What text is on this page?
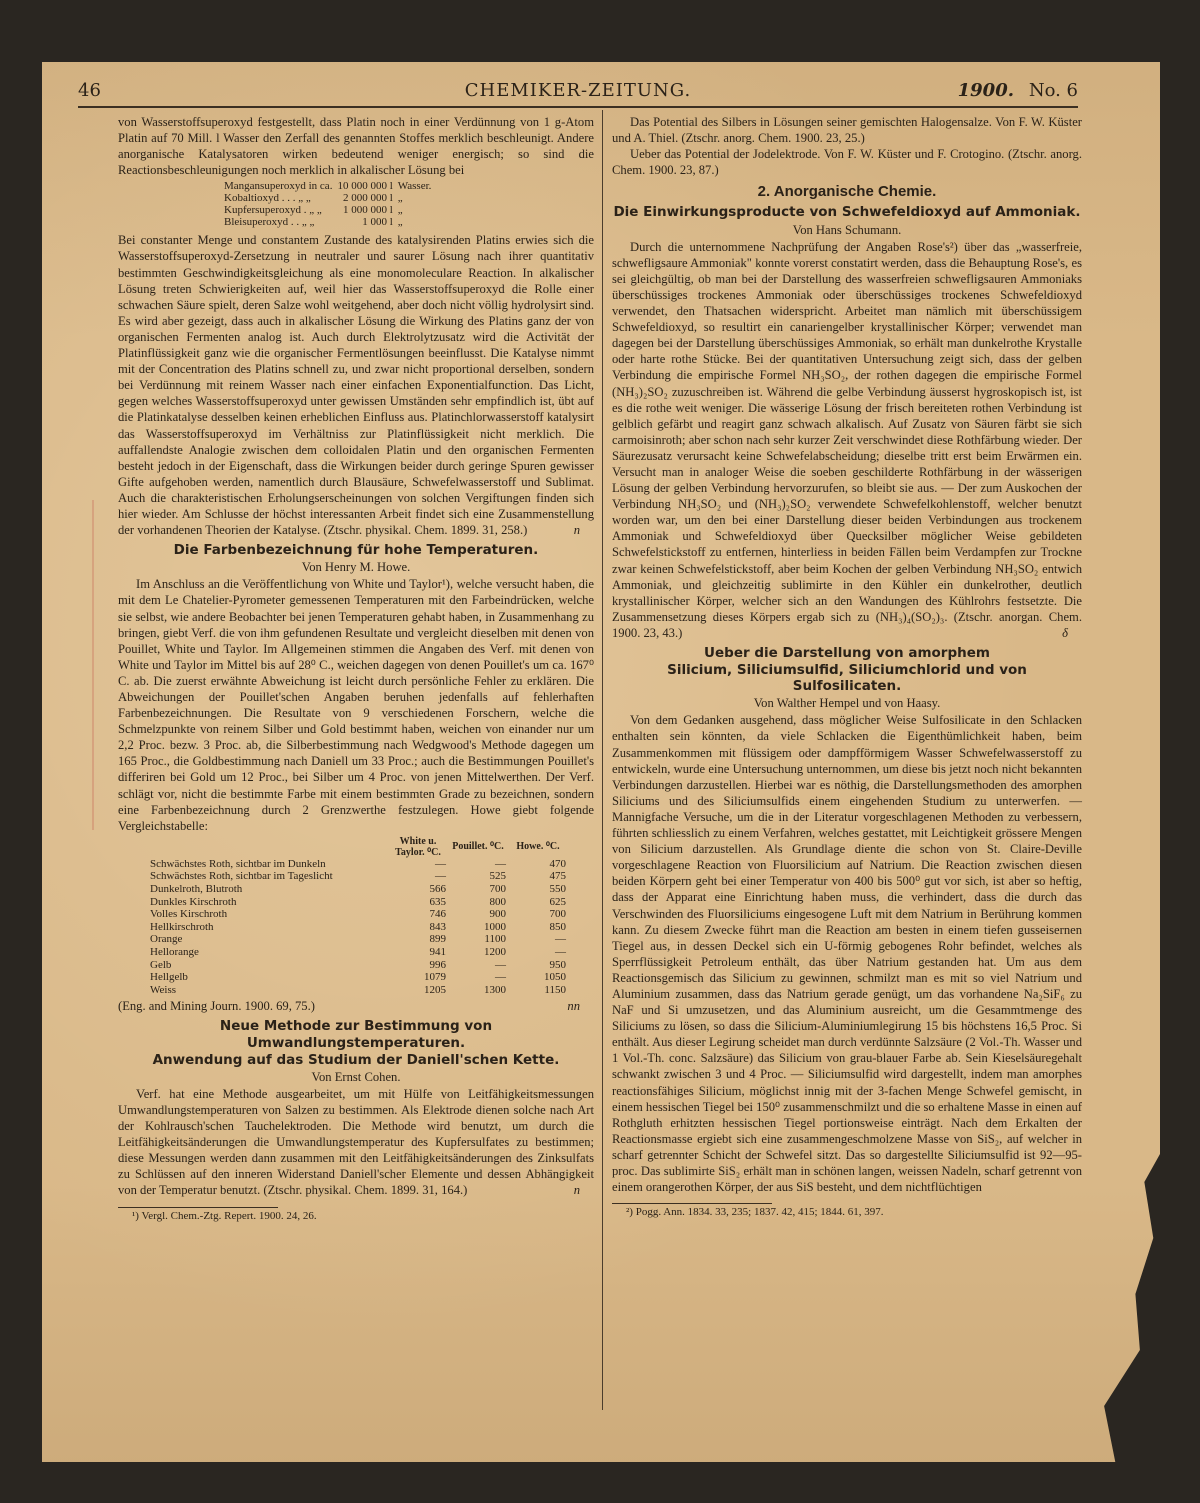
46	CHEMIKER-ZEITUNG.	1900. No. 6

von Wasserstoffsuperoxyd festgestellt, dass Platin noch in einer Verdünnung von 1 g-Atom Platin auf 70 Mill. l Wasser den Zerfall des genannten Stoffes merklich beschleunigt. Andere anorganische Katalysatoren wirken bedeutend weniger energisch; so sind die Reactionsbeschleunigungen noch merklich in alkalischer Lösung bei

Mangansuperoxyd in ca.	10 000 000 l	Wasser.
Kobaltioxyd . . . „ „	2 000 000 l	„
Kupfersuperoxyd . „ „	1 000 000 l	„
Bleisuperoxyd . . „ „	1 000 l	„

Bei constanter Menge und constantem Zustande des katalysirenden Platins erwies sich die Wasserstoffsuperoxyd-Zersetzung in neutraler und saurer Lösung nach ihrer quantitativ bestimmten Geschwindigkeitsgleichung als eine monomoleculare Reaction. In alkalischer Lösung treten Schwierigkeiten auf, weil hier das Wasserstoffsuperoxyd die Rolle einer schwachen Säure spielt, deren Salze wohl weitgehend, aber doch nicht völlig hydrolysirt sind. Es wird aber gezeigt, dass auch in alkalischer Lösung die Wirkung des Platins ganz der von organischen Fermenten analog ist. Auch durch Elektrolytzusatz wird die Activität der Platinflüssigkeit ganz wie die organischer Fermentlösungen beeinflusst. Die Katalyse nimmt mit der Concentration des Platins schnell zu, und zwar nicht proportional derselben, sondern bei Verdünnung mit reinem Wasser nach einer einfachen Exponentialfunction. Das Licht, gegen welches Wasserstoffsuperoxyd unter gewissen Umständen sehr empfindlich ist, übt auf die Platinkatalyse desselben keinen erheblichen Einfluss aus. Platinchlorwasserstoff katalysirt das Wasserstoffsuperoxyd im Verhältniss zur Platinflüssigkeit nicht merklich. Die auffallendste Analogie zwischen dem colloidalen Platin und den organischen Fermenten besteht jedoch in der Eigenschaft, dass die Wirkungen beider durch geringe Spuren gewisser Gifte aufgehoben werden, namentlich durch Blausäure, Schwefelwasserstoff und Sublimat. Auch die charakteristischen Erholungserscheinungen von solchen Vergiftungen finden sich hier wieder. Am Schlusse der höchst interessanten Arbeit findet sich eine Zusammenstellung der vorhandenen Theorien der Katalyse. (Ztschr. physikal. Chem. 1899. 31, 258.)	n

Die Farbenbezeichnung für hohe Temperaturen.
Von Henry M. Howe.

Im Anschluss an die Veröffentlichung von White und Taylor¹), welche versucht haben, die mit dem Le Chatelier-Pyrometer gemessenen Temperaturen mit den Farbeindrücken, welche sie selbst, wie andere Beobachter bei jenen Temperaturen gehabt haben, in Zusammenhang zu bringen, giebt Verf. die von ihm gefundenen Resultate und vergleicht dieselben mit denen von Pouillet, White und Taylor. Im Allgemeinen stimmen die Angaben des Verf. mit denen von White und Taylor im Mittel bis auf 28⁰ C., weichen dagegen von denen Pouillet's um ca. 167⁰ C. ab. Die zuerst erwähnte Abweichung ist leicht durch persönliche Fehler zu erklären. Die Abweichungen der Pouillet'schen Angaben beruhen jedenfalls auf fehlerhaften Farbenbezeichnungen. Die Resultate von 9 verschiedenen Forschern, welche die Schmelzpunkte von reinem Silber und Gold bestimmt haben, weichen von einander nur um 2,2 Proc. bezw. 3 Proc. ab, die Silberbestimmung nach Wedgwood's Methode dagegen um 165 Proc., die Goldbestimmung nach Daniell um 33 Proc.; auch die Bestimmungen Pouillet's differiren bei Gold um 12 Proc., bei Silber um 4 Proc. von jenen Mittelwerthen. Der Verf. schlägt vor, nicht die bestimmte Farbe mit einem bestimmten Grade zu bezeichnen, sondern eine Farbenbezeichnung durch 2 Grenzwerthe festzulegen. Howe giebt folgende Vergleichstabelle:

	White u. Taylor. ⁰C.	Pouillet. ⁰C.	Howe. ⁰C.
Schwächstes Roth, sichtbar im Dunkeln	—	—	470
Schwächstes Roth, sichtbar im Tageslicht	—	525	475
Dunkelroth, Blutroth	566	700	550
Dunkles Kirschroth	635	800	625
Volles Kirschroth	746	900	700
Hellkirschroth	843	1000	850
Orange	899	1100	—
Hellorange	941	1200	—
Gelb	996	—	950
Hellgelb	1079	—	1050
Weiss	1205	1300	1150

(Eng. and Mining Journ. 1900. 69, 75.)	nn

Neue Methode zur Bestimmung von Umwandlungstemperaturen.
Anwendung auf das Studium der Daniell'schen Kette.
Von Ernst Cohen.

Verf. hat eine Methode ausgearbeitet, um mit Hülfe von Leitfähigkeitsmessungen Umwandlungstemperaturen von Salzen zu bestimmen. Als Elektrode dienen solche nach Art der Kohlrausch'schen Tauchelektroden. Die Methode wird benutzt, um durch die Leitfähigkeitsänderungen die Umwandlungstemperatur des Kupfersulfates zu bestimmen; diese Messungen werden dann zusammen mit den Leitfähigkeitsänderungen des Zinksulfats zu Schlüssen auf den inneren Widerstand Daniell'scher Elemente und dessen Abhängigkeit von der Temperatur benutzt. (Ztschr. physikal. Chem. 1899. 31, 164.)	n

¹) Vergl. Chem.-Ztg. Repert. 1900. 24, 26.

Das Potential des Silbers in Lösungen seiner gemischten Halogensalze. Von F. W. Küster und A. Thiel. (Ztschr. anorg. Chem. 1900. 23, 25.)

Ueber das Potential der Jodelektrode. Von F. W. Küster und F. Crotogino. (Ztschr. anorg. Chem. 1900. 23, 87.)

2. Anorganische Chemie.
Die Einwirkungsproducte von Schwefeldioxyd auf Ammoniak.
Von Hans Schumann.

Durch die unternommene Nachprüfung der Angaben Rose's²) über das „wasserfreie, schwefligsaure Ammoniak" konnte vorerst constatirt werden, dass die Behauptung Rose's, es sei gleichgültig, ob man bei der Darstellung des wasserfreien schwefligsauren Ammoniaks überschüssiges trockenes Ammoniak oder überschüssiges trockenes Schwefeldioxyd verwendet, den Thatsachen widerspricht. Arbeitet man nämlich mit überschüssigem Schwefeldioxyd, so resultirt ein canariengelber krystallinischer Körper; verwendet man dagegen bei der Darstellung überschüssiges Ammoniak, so erhält man dunkelrothe Krystalle oder harte rothe Stücke. Bei der quantitativen Untersuchung zeigt sich, dass der gelben Verbindung die empirische Formel NH₃SO₂, der rothen dagegen die empirische Formel (NH₃)₂SO₂ zuzuschreiben ist. Während die gelbe Verbindung äusserst hygroskopisch ist, ist es die rothe weit weniger. Die wässerige Lösung der frisch bereiteten rothen Verbindung ist gelblich gefärbt und reagirt ganz schwach alkalisch. Auf Zusatz von Säuren färbt sie sich carmoisinroth; aber schon nach sehr kurzer Zeit verschwindet diese Rothfärbung wieder. Der Säurezusatz verursacht keine Schwefelabscheidung; dieselbe tritt erst beim Erwärmen ein. Versucht man in analoger Weise die soeben geschilderte Rothfärbung in der wässerigen Lösung der gelben Verbindung hervorzurufen, so bleibt sie aus. — Der zum Auskochen der Verbindung NH₃SO₂ und (NH₃)₂SO₂ verwendete Schwefelkohlenstoff, welcher benutzt worden war, um den bei einer Darstellung dieser beiden Verbindungen aus trockenem Ammoniak und Schwefeldioxyd über Quecksilber möglicher Weise gebildeten Schwefelstickstoff zu entfernen, hinterliess in beiden Fällen beim Verdampfen zur Trockne zwar keinen Schwefelstickstoff, aber beim Kochen der gelben Verbindung NH₃SO₂ entwich Ammoniak, und gleichzeitig sublimirte in den Kühler ein dunkelrother, deutlich krystallinischer Körper, welcher sich an den Wandungen des Kühlrohrs festsetzte. Die Zusammensetzung dieses Körpers ergab sich zu (NH₃)₄(SO₂)₃. (Ztschr. anorgan. Chem. 1900. 23, 43.)	δ

Ueber die Darstellung von amorphem
Silicium, Siliciumsulfid, Siliciumchlorid und von Sulfosilicaten.
Von Walther Hempel und von Haasy.

Von dem Gedanken ausgehend, dass möglicher Weise Sulfosilicate in den Schlacken enthalten sein könnten, da viele Schlacken die Eigenthümlichkeit haben, beim Zusammenkommen mit flüssigem oder dampfförmigem Wasser Schwefelwasserstoff zu entwickeln, wurde eine Untersuchung unternommen, um diese bis jetzt noch nicht bekannten Verbindungen darzustellen. Hierbei war es nöthig, die Darstellungsmethoden des amorphen Siliciums und des Siliciumsulfids einem eingehenden Studium zu unterwerfen. — Mannigfache Versuche, um die in der Literatur vorgeschlagenen Methoden zu verbessern, führten schliesslich zu einem Verfahren, welches gestattet, mit Leichtigkeit grössere Mengen von Silicium darzustellen. Als Grundlage diente die schon von St. Claire-Deville vorgeschlagene Reaction von Fluorsilicium auf Natrium. Die Reaction zwischen diesen beiden Körpern geht bei einer Temperatur von 400 bis 500⁰ gut vor sich, ist aber so heftig, dass der Apparat eine Einrichtung haben muss, die verhindert, dass die durch das Verschwinden des Fluorsiliciums eingesogene Luft mit dem Natrium in Berührung kommen kann. Zu diesem Zwecke führt man die Reaction am besten in einem tiefen gusseisernen Tiegel aus, in dessen Deckel sich ein U-förmig gebogenes Rohr befindet, welches als Sperrflüssigkeit Petroleum enthält, das über Natrium gestanden hat. Um aus dem Reactionsgemisch das Silicium zu gewinnen, schmilzt man es mit so viel Natrium und Aluminium zusammen, dass das Natrium gerade genügt, um das vorhandene Na₂SiF₆ zu NaF und Si umzusetzen, und das Aluminium ausreicht, um die Gesammtmenge des Siliciums zu lösen, so dass die Silicium-Aluminiumlegirung 15 bis höchstens 16,5 Proc. Si enthält. Aus dieser Legirung scheidet man durch verdünnte Salzsäure (2 Vol.-Th. Wasser und 1 Vol.-Th. conc. Salzsäure) das Silicium von grau-blauer Farbe ab. Sein Kieselsäuregehalt schwankt zwischen 3 und 4 Proc. — Siliciumsulfid wird dargestellt, indem man amorphes reactionsfähiges Silicium, möglichst innig mit der 3-fachen Menge Schwefel gemischt, in einem hessischen Tiegel bei 150⁰ zusammenschmilzt und die so erhaltene Masse in einen auf Rothgluth erhitzten hessischen Tiegel portionsweise einträgt. Nach dem Erkalten der Reactionsmasse ergiebt sich eine zusammengeschmolzene Masse von SiS₂, auf welcher in scharf getrennter Schicht der Schwefel sitzt. Das so dargestellte Siliciumsulfid ist 92—95-proc. Das sublimirte SiS₂ erhält man in schönen langen, weissen Nadeln, scharf getrennt von einem orangerothen Körper, der aus SiS besteht, und dem nichtflüchtigen

²) Pogg. Ann. 1834. 33, 235; 1837. 42, 415; 1844. 61, 397.
